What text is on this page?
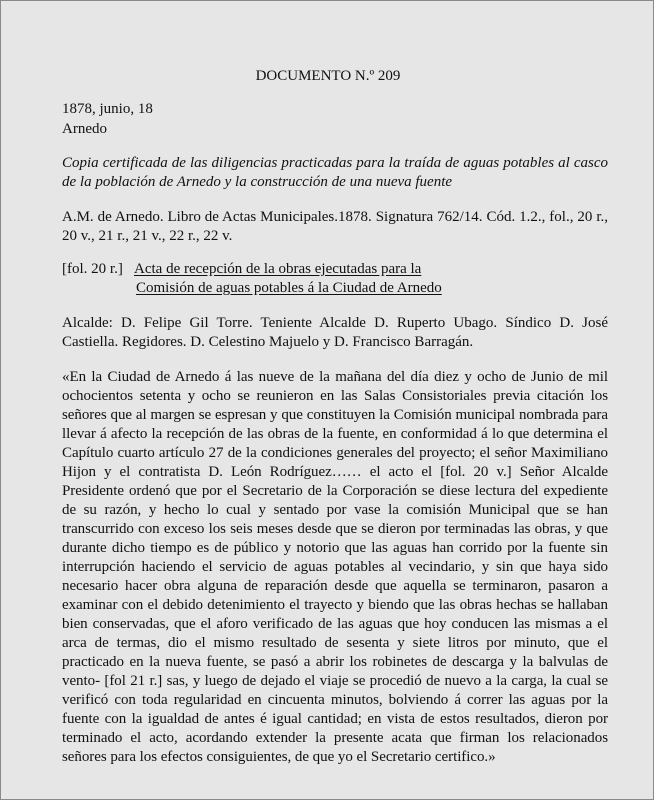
DOCUMENTO N.º 209
1878, junio, 18
Arnedo
Copia certificada de las diligencias practicadas para la traída de aguas potables al casco de la población de Arnedo y la construcción de una nueva fuente
A.M. de Arnedo. Libro de Actas Municipales.1878. Signatura 762/14. Cód. 1.2., fol., 20 r., 20 v., 21 r., 21 v., 22 r., 22 v.
[fol. 20 r.] Acta de recepción de la obras ejecutadas para la
Comisión de aguas potables á la Ciudad de Arnedo
Alcalde: D. Felipe Gil Torre. Teniente Alcalde D. Ruperto Ubago. Síndico D. José Castiella. Regidores. D. Celestino Majuelo y D. Francisco Barragán.
«En la Ciudad de Arnedo á las nueve de la mañana del día diez y ocho de Junio de mil ochocientos setenta y ocho se reunieron en las Salas Consistoriales previa citación los señores que al margen se espresan y que constituyen la Comisión municipal nombrada para llevar á afecto la recepción de las obras de la fuente, en conformidad á lo que determina el Capítulo cuarto artículo 27 de la condiciones generales del proyecto; el señor Maximiliano Hijon y el contratista D. León Rodríguez…… el acto el [fol. 20 v.] Señor Alcalde Presidente ordenó que por el Secretario de la Corporación se diese lectura del expediente de su razón, y hecho lo cual y sentado por vase la comisión Municipal que se han transcurrido con exceso los seis meses desde que se dieron por terminadas las obras, y que durante dicho tiempo es de público y notorio que las aguas han corrido por la fuente sin interrupción haciendo el servicio de aguas potables al vecindario, y sin que haya sido necesario hacer obra alguna de reparación desde que aquella se terminaron, pasaron a examinar con el debido detenimiento el trayecto y biendo que las obras hechas se hallaban bien conservadas, que el aforo verificado de las aguas que hoy conducen las mismas a el arca de termas, dio el mismo resultado de sesenta y siete litros por minuto, que el practicado en la nueva fuente, se pasó a abrir los robinetes de descarga y la balvulas de vento- [fol 21 r.] sas, y luego de dejado el viaje se procedió de nuevo a la carga, la cual se verificó con toda regularidad en cincuenta minutos, bolviendo á correr las aguas por la fuente con la igualdad de antes é igual cantidad; en vista de estos resultados, dieron por terminado el acto, acordando extender la presente acata que firman los relacionados señores para los efectos consiguientes, de que yo el Secretario certifico.»
